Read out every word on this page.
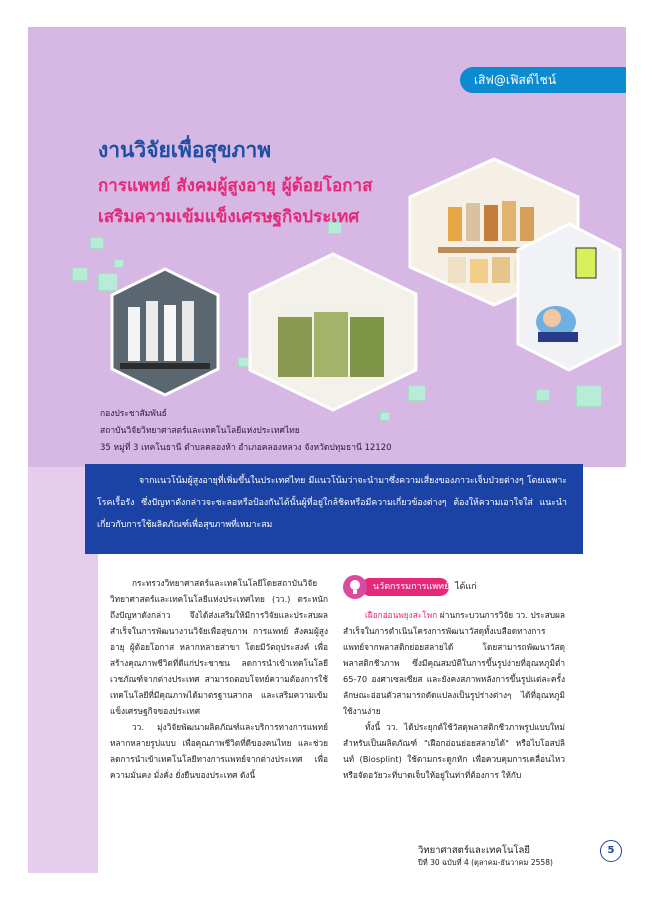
เสิฟ@เฟิสต์ไชน์
งานวิจัยเพื่อสุขภาพ
การแพทย์ สังคมผู้สูงอายุ ผู้ด้อยโอกาส
เสริมความเข้มแข็งเศรษฐกิจประเทศ
กองประชาสัมพันธ์
สถาบันวิจัยวิทยาศาสตร์และเทคโนโลยีแห่งประเทศไทย
35 หมู่ที่ 3 เทคโนธานี ตำบลคลองห้า อำเภอคลองหลวง จังหวัดปทุมธานี 12120

จากแนวโน้มผู้สูงอายุที่เพิ่มขึ้นในประเทศไทย มีแนวโน้มว่าจะนำมาซึ่งความเสี่ยงของภาวะเจ็บป่วยต่างๆ โดยเฉพาะโรคเรื้อรัง ซึ่งปัญหาดังกล่าวจะชะลอหรือป้องกันได้นั้นผู้ที่อยู่ใกล้ชิดหรือมีความเกี่ยวข้องต่างๆ ต้องให้ความเอาใจใส่ แนะนำเกี่ยวกับการใช้ผลิตภัณฑ์เพื่อสุขภาพที่เหมาะสม

กระทรวงวิทยาศาสตร์และเทคโนโลยีโดยสถาบันวิจัยวิทยาศาสตร์และเทคโนโลยีแห่งประเทศไทย (วว.) ตระหนักถึงปัญหาดังกล่าว จึงได้ส่งเสริมให้มีการวิจัยและประสบผลสำเร็จในการพัฒนางานวิจัยเพื่อสุขภาพ การแพทย์ สังคมผู้สูงอายุ ผู้ด้อยโอกาส หลากหลายสาขา โดยมีวัตถุประสงค์ เพื่อสร้างคุณภาพชีวิตที่ดีแก่ประชาชน ลดการนำเข้าเทคโนโลยีเวชภัณฑ์จากต่างประเทศ สามารถตอบโจทย์ความต้องการใช้เทคโนโลยีที่มีคุณภาพได้มาตรฐานสากล และเสริมความเข้มแข็งเศรษฐกิจของประเทศ

วว. มุ่งวิจัยพัฒนาผลิตภัณฑ์และบริการทางการแพทย์หลากหลายรูปแบบ เพื่อคุณภาพชีวิตที่ดีของคนไทย และช่วยลดการนำเข้าเทคโนโลยีทางการแพทย์จากต่างประเทศ เพื่อความมั่นคง มั่งคั่ง ยั่งยืนของประเทศ ดังนี้

นวัตกรรมการแพทย์ ได้แก่

เฝือกอ่อนพยุงสะโพก ผ่านกระบวนการวิจัย วว. ประสบผลสำเร็จในการดำเนินโครงการพัฒนาวัสดุทั้งเบลือดทางการแพทย์จากพลาสติกย่อยสลายได้ โดยสามารถพัฒนาวัสดุพลาสติกชีวภาพ ซึ่งมีคุณสมบัติในการขึ้นรูปง่ายที่อุณหภูมิต่ำ 65-70 องศาเซลเซียส และยังคงสภาพหลังการขึ้นรูปแต่ละครั้ง ลักษณะอ่อนตัวสามารถดัดแปลงเป็นรูปร่างต่างๆ ได้ที่อุณหภูมิ ใช้งานง่าย

ทั้งนี้ วว. ได้ประยุกต์ใช้วัสดุพลาสติกชีวภาพรูปแบบใหม่สำหรับเป็นผลิตภัณฑ์ "เฝือกอ่อนย่อยสลายได้" หรือไบโอสปลินท์ (Biosplint) ใช้ตามกระดูกหัก เพื่อควบคุมการเคลื่อนไหวหรือจัดอวัยวะที่บาดเจ็บให้อยู่ในท่าที่ต้องการ ให้กับ

วิทยาศาสตร์และเทคโนโลยี
ปีที่ 30 ฉบับที่ 4 (ตุลาคม-ธันวาคม 2558)
5
